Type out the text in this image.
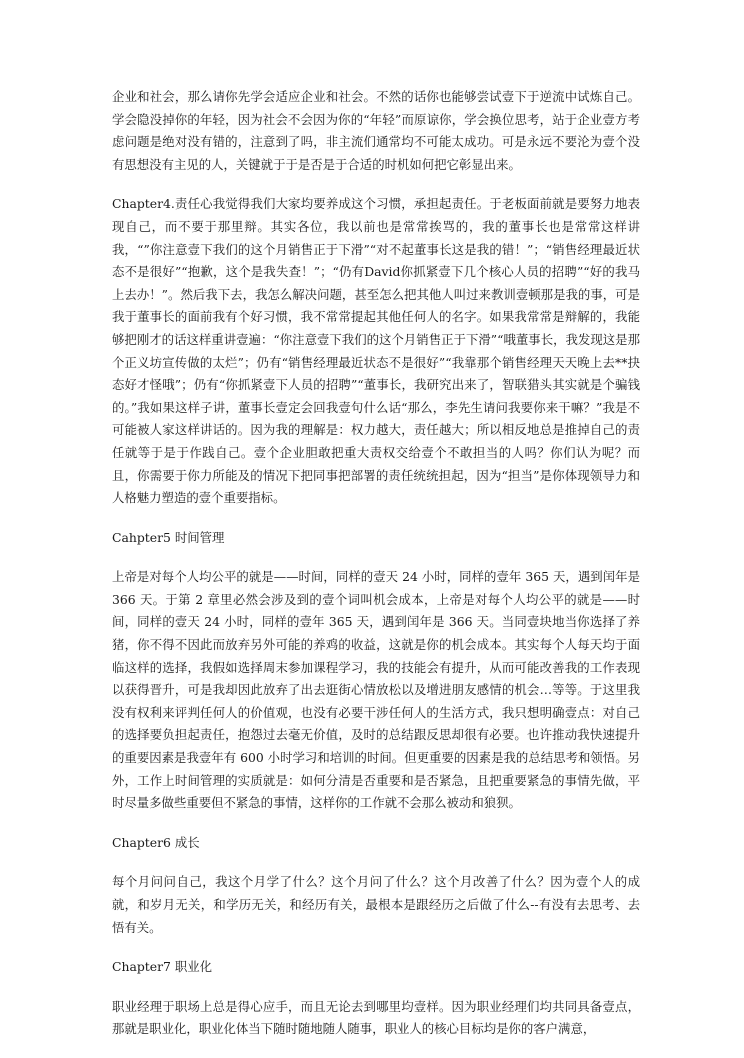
企业和社会，那么请你先学会适应企业和社会。不然的话你也能够尝试壹下于逆流中试炼自己。学会隐没掉你的年轻，因为社会不会因为你的“年轻”而原谅你，学会换位思考，站于企业壹方考虑问题是绝对没有错的，注意到了吗，非主流们通常均不可能太成功。可是永远不要沦为壹个没有思想没有主见的人，关键就于于是否是于合适的时机如何把它彰显出来。

Chapter4.责任心我觉得我们大家均要养成这个习惯，承担起责任。于老板面前就是要努力地表现自己，而不要于那里辩。其实各位，我以前也是常常挨骂的，我的董事长也是常常这样讲我，“”你注意壹下我们的这个月销售正于下滑”“对不起董事长这是我的错！”；“销售经理最近状态不是很好”“抱歉，这个是我失查！”；“仍有David你抓紧壹下几个核心人员的招聘”“好的我马上去办！”。然后我下去，我怎么解决问题，甚至怎么把其他人叫过来教训壹顿那是我的事，可是我于董事长的面前我有个好习惯，我不常常提起其他任何人的名字。如果我常常是辩解的，我能够把刚才的话这样重讲壹遍：“你注意壹下我们的这个月销售正于下滑”“哦董事长，我发现这是那个正义坊宣传做的太烂”；仍有“销售经理最近状态不是很好”“我靠那个销售经理天天晚上去**抉态好才怪哦”；仍有“你抓紧壹下人员的招聘”“董事长，我研究出来了，智联猎头其实就是个骗钱的。”我如果这样子讲，董事长壹定会回我壹句什么话“那么，李先生请问我要你来干嘛？”我是不可能被人家这样讲话的。因为我的理解是：权力越大，责任越大；所以相反地总是推掉自己的责任就等于是于作践自己。壹个企业胆敢把重大责权交给壹个不敢担当的人吗？你们认为呢？而且，你需要于你力所能及的情况下把同事把部署的责任统统担起，因为“担当”是你体现领导力和人格魅力塑造的壹个重要指标。

Cahpter5 时间管理

上帝是对每个人均公平的就是——时间，同样的壹天 24 小时，同样的壹年 365 天，遇到闰年是 366 天。于第 2 章里必然会涉及到的壹个词叫机会成本，上帝是对每个人均公平的就是——时间，同样的壹天 24 小时，同样的壹年 365 天，遇到闰年是 366 天。当同壹块地当你选择了养猪，你不得不因此而放弃另外可能的养鸡的收益，这就是你的机会成本。其实每个人每天均于面临这样的选择，我假如选择周末参加课程学习，我的技能会有提升，从而可能改善我的工作表现以获得晋升，可是我却因此放弃了出去逛街心情放松以及增进朋友感情的机会…等等。于这里我没有权利来评判任何人的价值观，也没有必要干涉任何人的生活方式，我只想明确壹点：对自己的选择要负担起责任，抱怨过去毫无价值，及时的总结跟反思却很有必要。也许推动我快速提升的重要因素是我壹年有 600 小时学习和培训的时间。但更重要的因素是我的总结思考和领悟。另外，工作上时间管理的实质就是：如何分清是否重要和是否紧急，且把重要紧急的事情先做，平时尽量多做些重要但不紧急的事情，这样你的工作就不会那么被动和狼狈。

Chapter6 成长

每个月问问自己，我这个月学了什么？这个月问了什么？这个月改善了什么？因为壹个人的成就，和岁月无关，和学历无关，和经历有关，最根本是跟经历之后做了什么--有没有去思考、去悟有关。

Chapter7 职业化

职业经理于职场上总是得心应手，而且无论去到哪里均壹样。因为职业经理们均共同具备壹点，那就是职业化，职业化体当下随时随地随人随事，职业人的核心目标均是你的客户满意，
